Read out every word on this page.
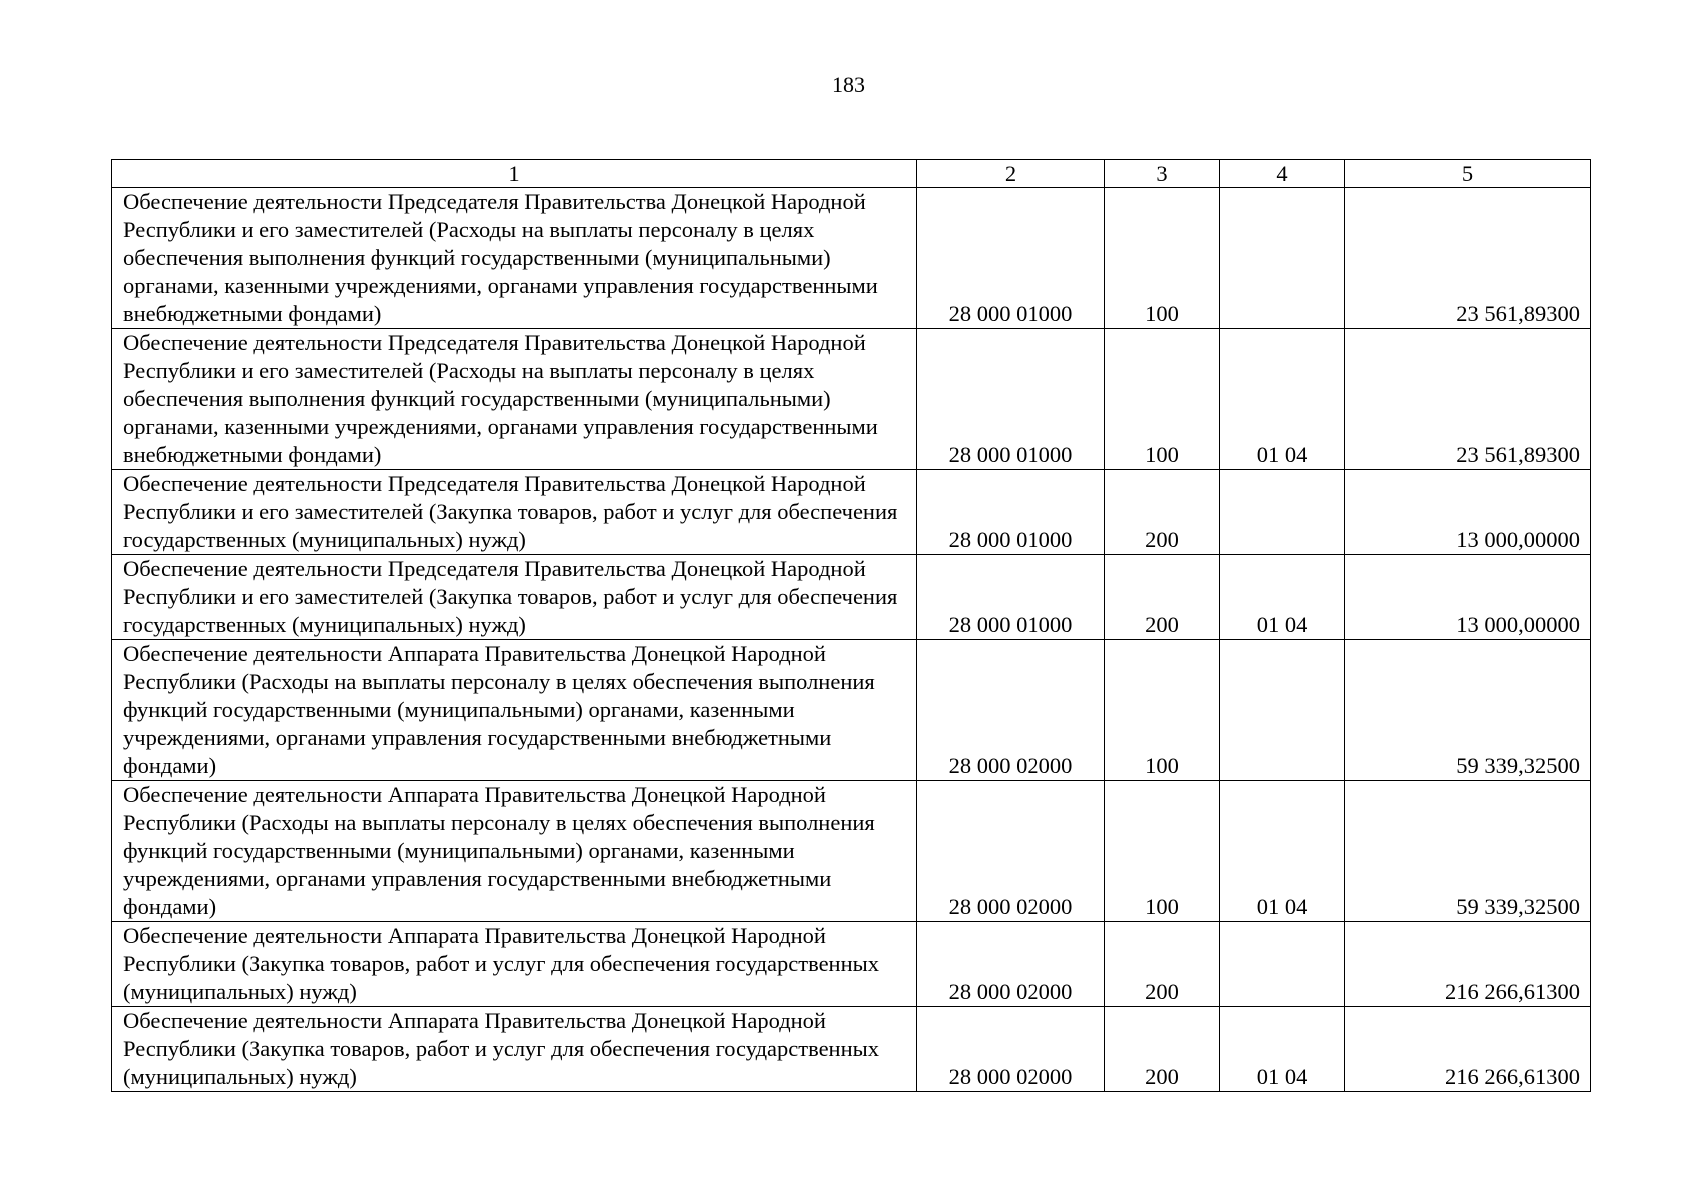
183
1	2	3	4	5
Обеспечение деятельности Председателя Правительства Донецкой Народной Республики и его заместителей (Расходы на выплаты персоналу в целях обеспечения выполнения функций государственными (муниципальными) органами, казенными учреждениями, органами управления государственными внебюджетными фондами)	28 000 01000	100		23 561,89300
Обеспечение деятельности Председателя Правительства Донецкой Народной Республики и его заместителей (Расходы на выплаты персоналу в целях обеспечения выполнения функций государственными (муниципальными) органами, казенными учреждениями, органами управления государственными внебюджетными фондами)	28 000 01000	100	01 04	23 561,89300
Обеспечение деятельности Председателя Правительства Донецкой Народной Республики и его заместителей (Закупка товаров, работ и услуг для обеспечения государственных (муниципальных) нужд)	28 000 01000	200		13 000,00000
Обеспечение деятельности Председателя Правительства Донецкой Народной Республики и его заместителей (Закупка товаров, работ и услуг для обеспечения государственных (муниципальных) нужд)	28 000 01000	200	01 04	13 000,00000
Обеспечение деятельности Аппарата Правительства Донецкой Народной Республики (Расходы на выплаты персоналу в целях обеспечения выполнения функций государственными (муниципальными) органами, казенными учреждениями, органами управления государственными внебюджетными фондами)	28 000 02000	100		59 339,32500
Обеспечение деятельности Аппарата Правительства Донецкой Народной Республики (Расходы на выплаты персоналу в целях обеспечения выполнения функций государственными (муниципальными) органами, казенными учреждениями, органами управления государственными внебюджетными фондами)	28 000 02000	100	01 04	59 339,32500
Обеспечение деятельности Аппарата Правительства Донецкой Народной Республики (Закупка товаров, работ и услуг для обеспечения государственных (муниципальных) нужд)	28 000 02000	200		216 266,61300
Обеспечение деятельности Аппарата Правительства Донецкой Народной Республики (Закупка товаров, работ и услуг для обеспечения государственных (муниципальных) нужд)	28 000 02000	200	01 04	216 266,61300
